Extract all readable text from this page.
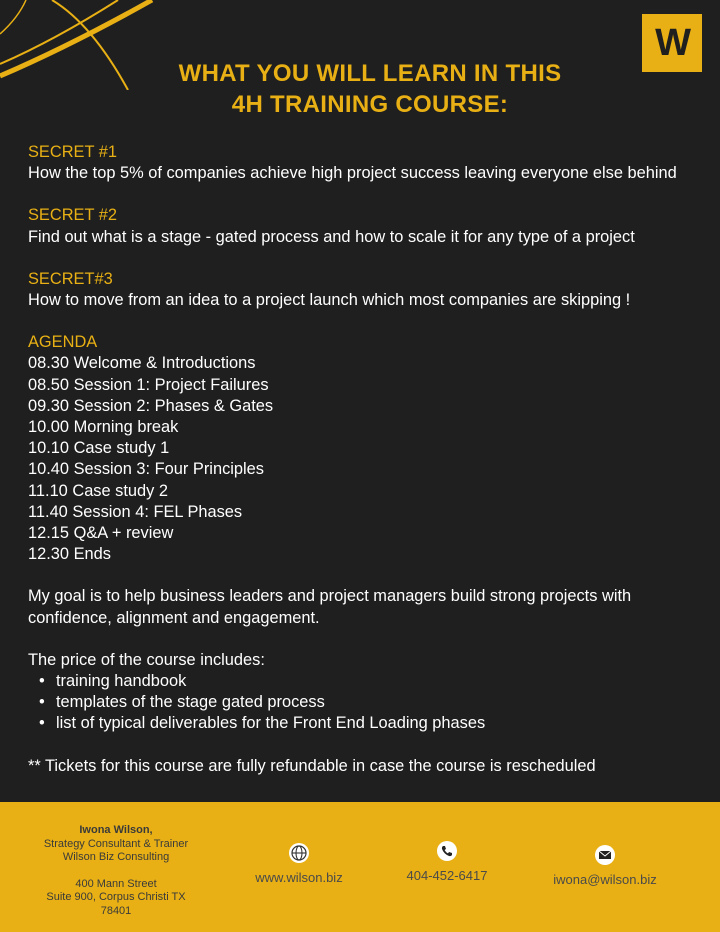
W
WHAT YOU WILL LEARN IN THIS
4H TRAINING COURSE:
SECRET #1
How the top 5% of companies achieve high project success leaving everyone else behind
SECRET #2
Find out what is a stage - gated process and how to scale it for any type of a project
SECRET#3
How to move from an idea to a project launch which most companies are skipping !
AGENDA
08.30 Welcome & Introductions
08.50 Session 1: Project Failures
09.30 Session 2: Phases & Gates
10.00 Morning break
10.10 Case study 1
10.40 Session 3: Four Principles
11.10 Case study 2
11.40 Session 4: FEL Phases
12.15 Q&A + review
12.30 Ends
My goal is to help business leaders and project managers build strong projects with confidence, alignment and engagement.
The price of the course includes:
• training handbook
• templates of the stage gated process
• list of typical deliverables for the Front End Loading phases
** Tickets for this course are fully refundable in case the course is rescheduled
Iwona Wilson,
Strategy Consultant & Trainer
Wilson Biz Consulting
400 Mann Street
Suite 900, Corpus Christi TX
78401
www.wilson.biz	404-452-6417	iwona@wilson.biz
